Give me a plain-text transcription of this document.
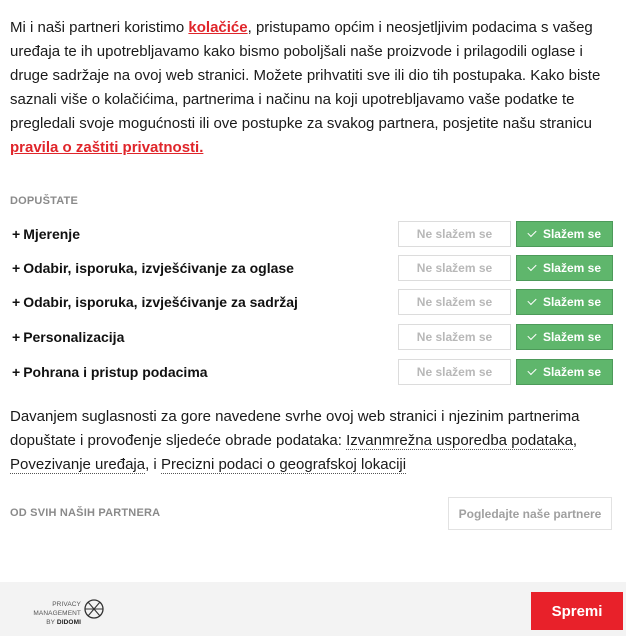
Mi i naši partneri koristimo kolačiće, pristupamo općim i neosjetljivim podacima s vašeg uređaja te ih upotrebljavamo kako bismo poboljšali naše proizvode i prilagodili oglase i druge sadržaje na ovoj web stranici. Možete prihvatiti sve ili dio tih postupaka. Kako biste saznali više o kolačićima, partnerima i načinu na koji upotrebljavamo vaše podatke te pregledali svoje mogućnosti ili ove postupke za svakog partnera, posjetite našu stranicu pravila o zaštiti privatnosti.

DOPUŠTATE
+ Mjerenje	Ne slažem se	Slažem se
+ Odabir, isporuka, izvješćivanje za oglase	Ne slažem se	Slažem se
+ Odabir, isporuka, izvješćivanje za sadržaj	Ne slažem se	Slažem se
+ Personalizacija	Ne slažem se	Slažem se
+ Pohrana i pristup podacima	Ne slažem se	Slažem se

Davanjem suglasnosti za gore navedene svrhe ovoj web stranici i njezinim partnerima dopuštate i provođenje sljedeće obrade podataka: Izvanmrežna usporedba podataka, Povezivanje uređaja, i Precizni podaci o geografskoj lokaciji

OD SVIH NAŠIH PARTNERA	Pogledajte naše partnere
PRIVACY MANAGEMENT
BY DIDOMI
Spremi
